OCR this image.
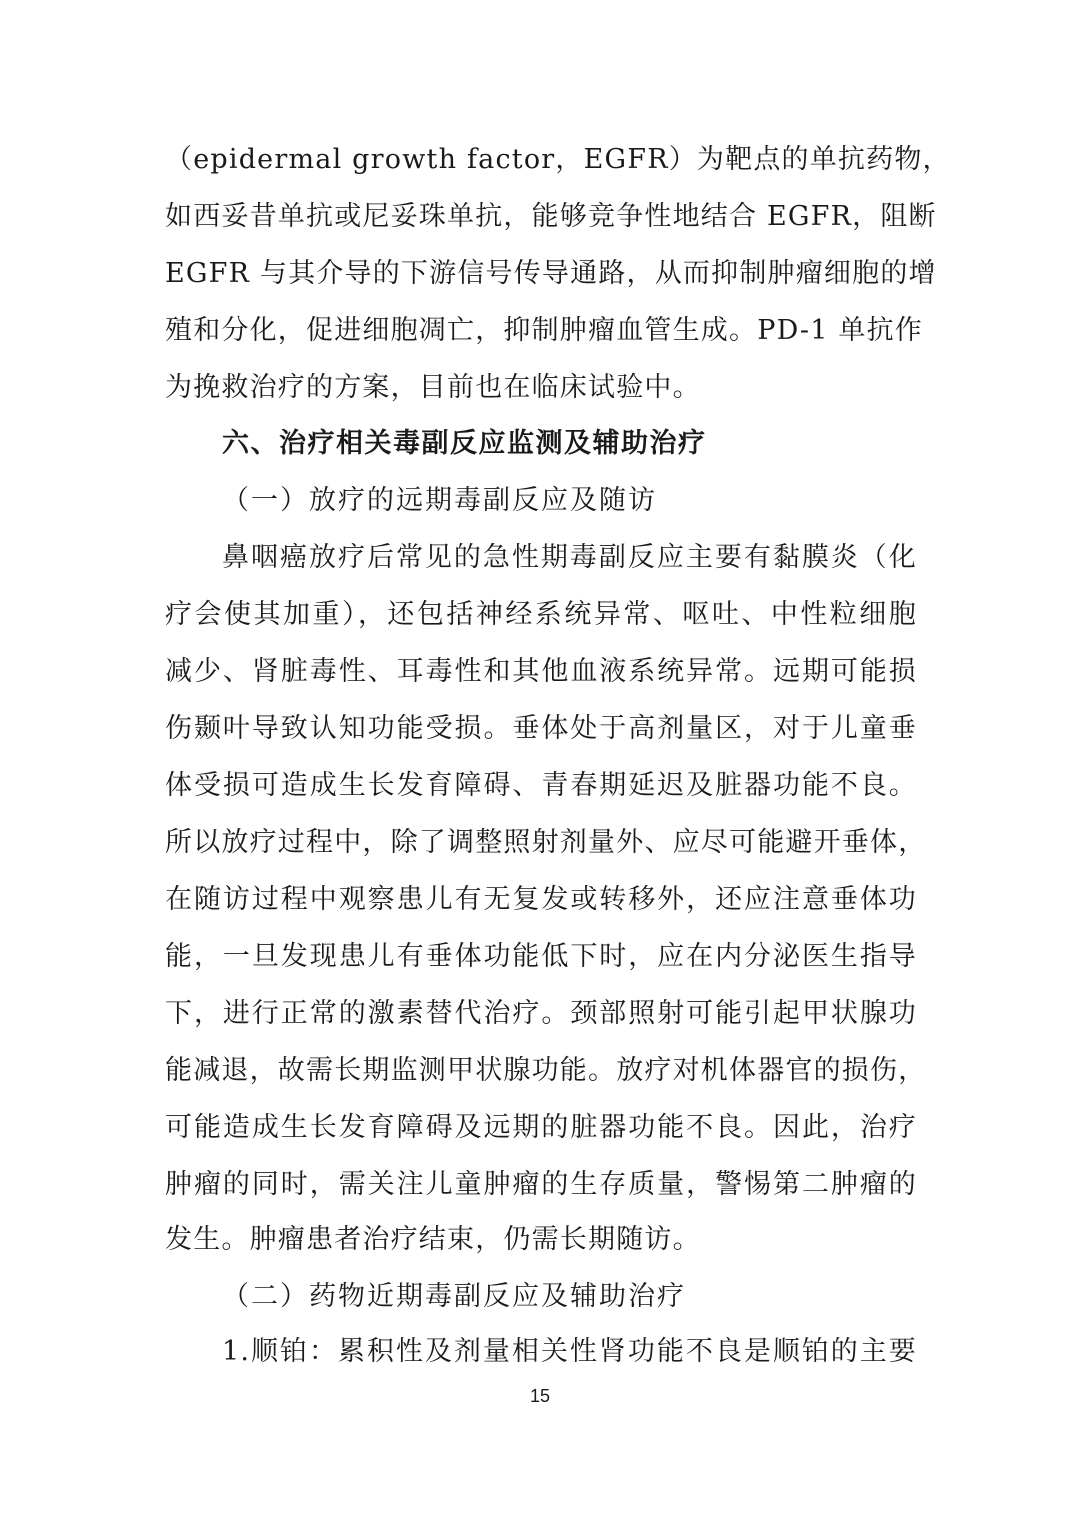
（epidermal growth factor，EGFR）为靶点的单抗药物，
如西妥昔单抗或尼妥珠单抗，能够竞争性地结合 EGFR，阻断
EGFR 与其介导的下游信号传导通路，从而抑制肿瘤细胞的增
殖和分化，促进细胞凋亡，抑制肿瘤血管生成。PD-1 单抗作
为挽救治疗的方案，目前也在临床试验中。
六、治疗相关毒副反应监测及辅助治疗
（一）放疗的远期毒副反应及随访
鼻咽癌放疗后常见的急性期毒副反应主要有黏膜炎（化
疗会使其加重），还包括神经系统异常、呕吐、中性粒细胞
减少、肾脏毒性、耳毒性和其他血液系统异常。远期可能损
伤颞叶导致认知功能受损。垂体处于高剂量区，对于儿童垂
体受损可造成生长发育障碍、青春期延迟及脏器功能不良。
所以放疗过程中，除了调整照射剂量外、应尽可能避开垂体，
在随访过程中观察患儿有无复发或转移外，还应注意垂体功
能，一旦发现患儿有垂体功能低下时，应在内分泌医生指导
下，进行正常的激素替代治疗。颈部照射可能引起甲状腺功
能减退，故需长期监测甲状腺功能。放疗对机体器官的损伤，
可能造成生长发育障碍及远期的脏器功能不良。因此，治疗
肿瘤的同时，需关注儿童肿瘤的生存质量，警惕第二肿瘤的
发生。肿瘤患者治疗结束，仍需长期随访。
（二）药物近期毒副反应及辅助治疗
1.顺铂：累积性及剂量相关性肾功能不良是顺铂的主要
15
